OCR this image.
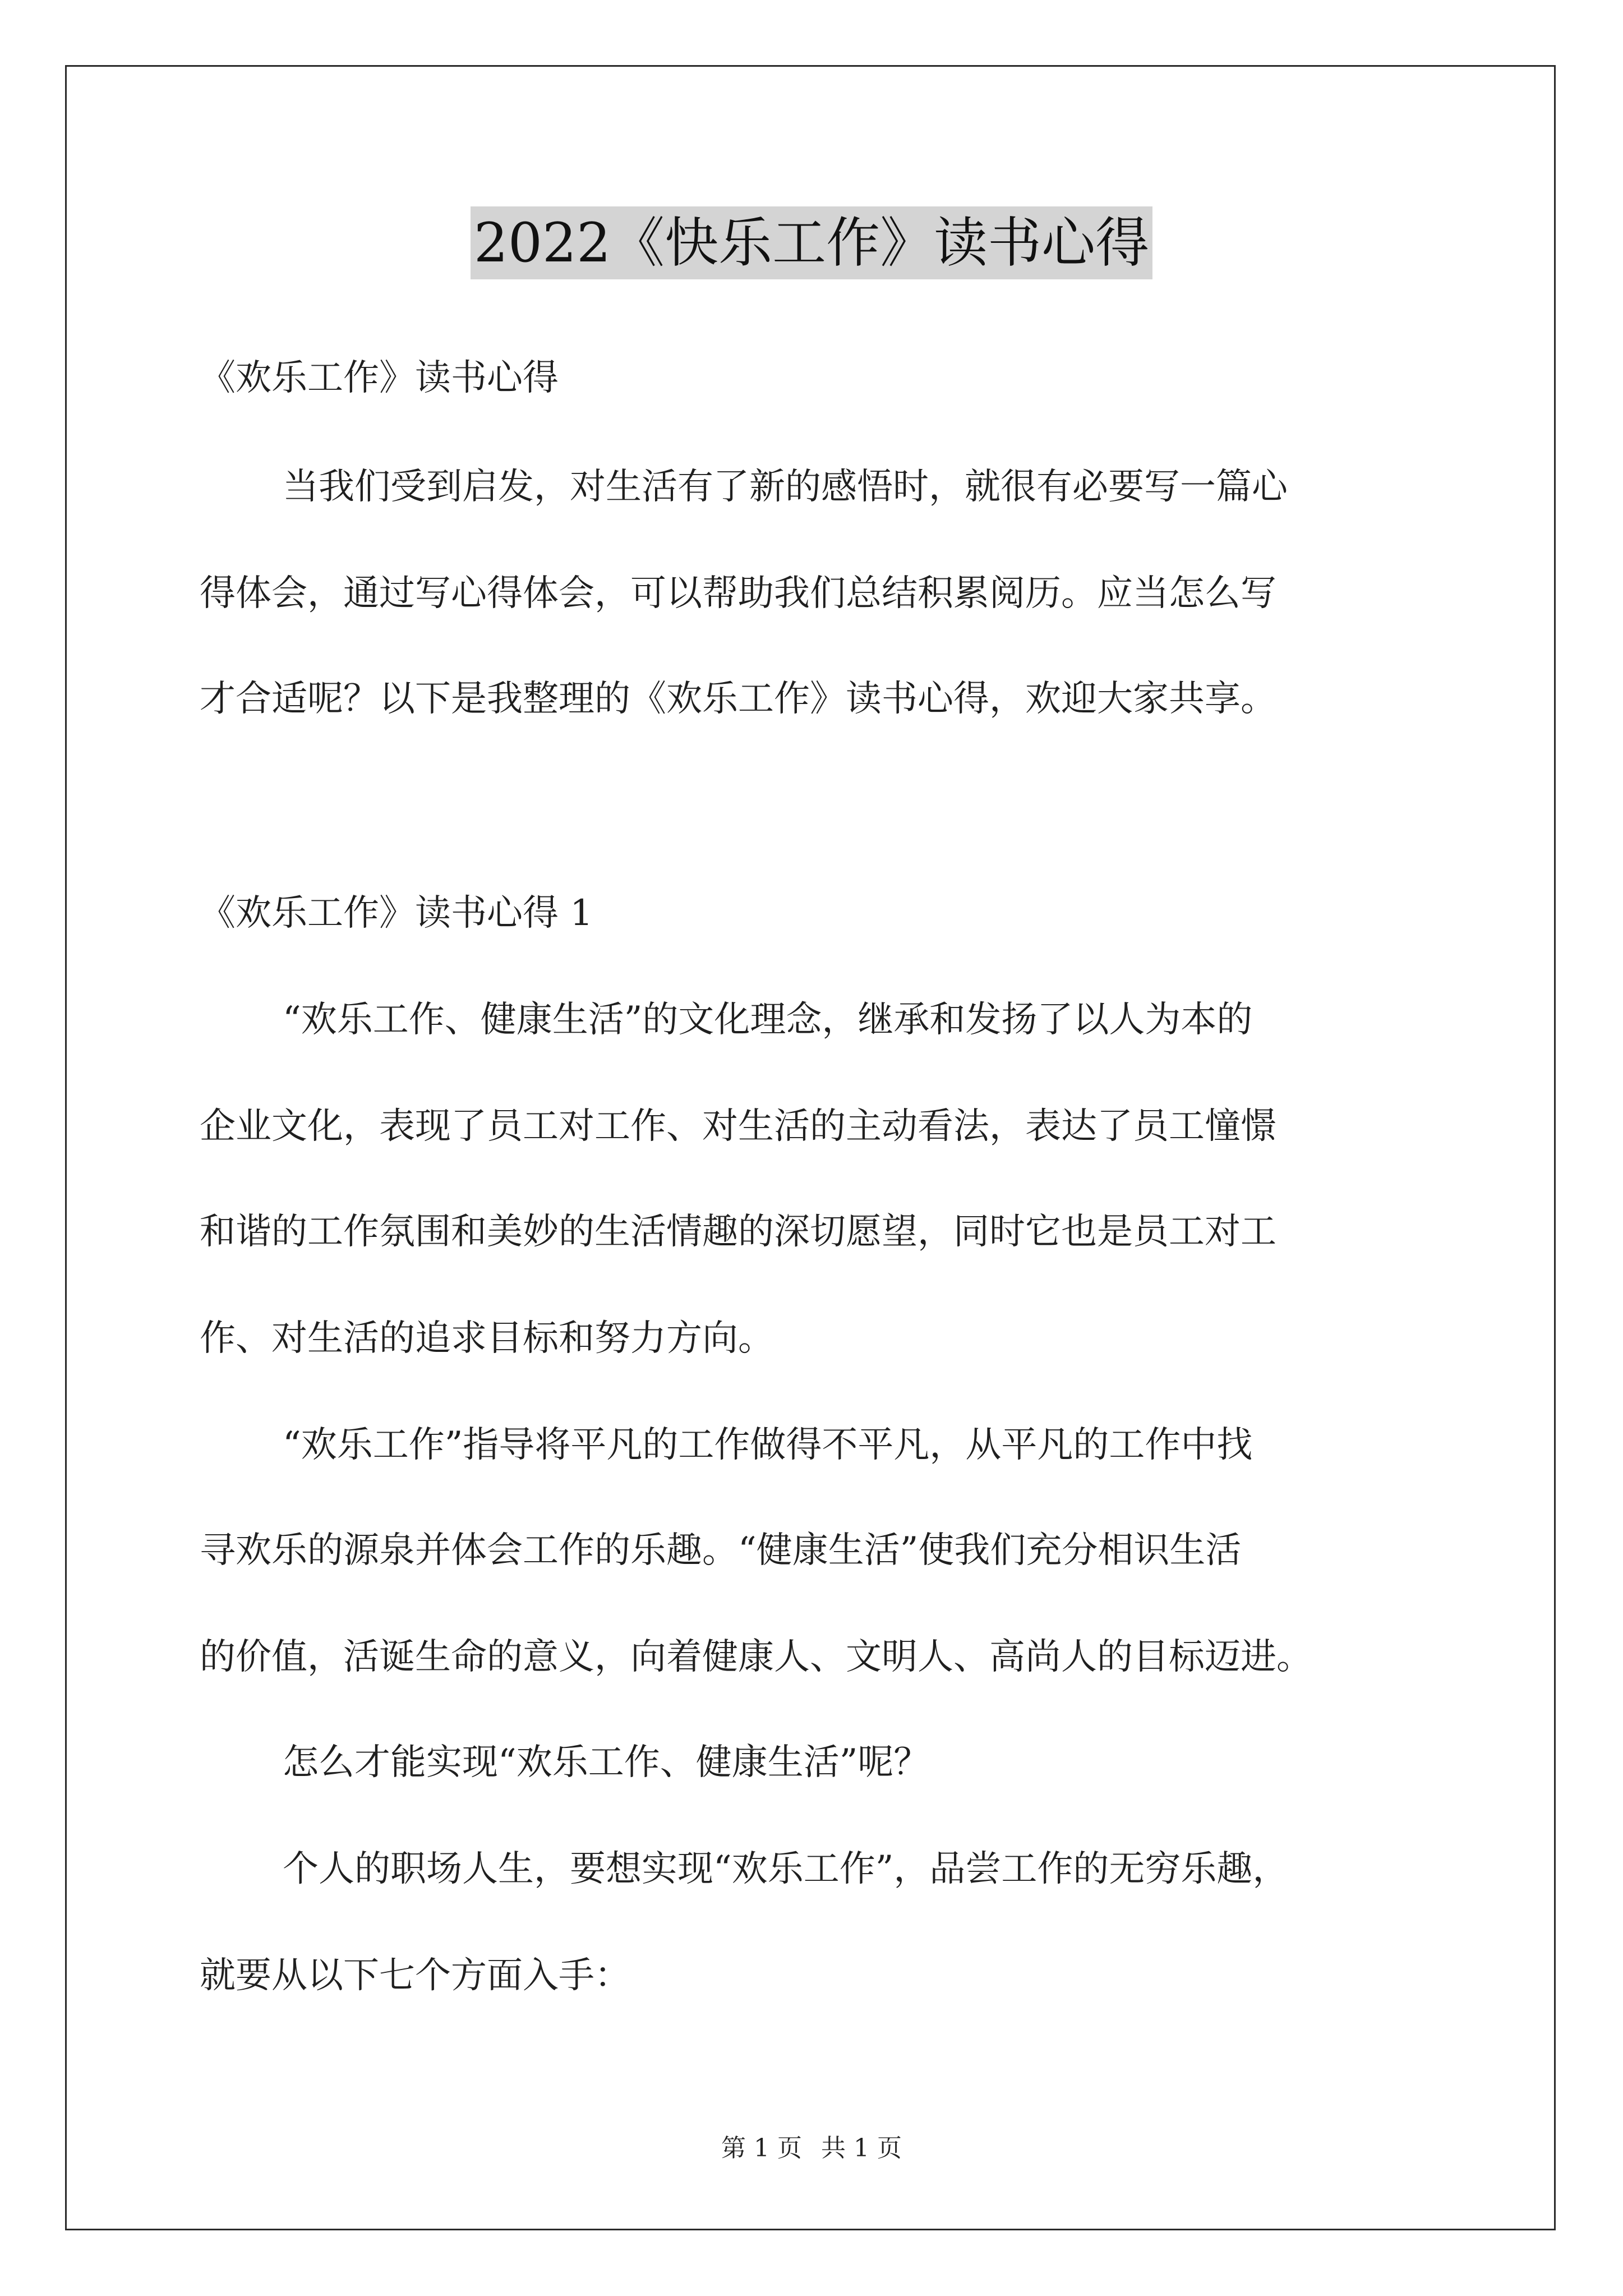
2022《快乐工作》读书心得
《欢乐工作》读书心得
当我们受到启发，对生活有了新的感悟时，就很有必要写一篇心
得体会，通过写心得体会，可以帮助我们总结积累阅历。应当怎么写
才合适呢？以下是我整理的《欢乐工作》读书心得，欢迎大家共享。
《欢乐工作》读书心得 1
“欢乐工作、健康生活”的文化理念，继承和发扬了以人为本的
企业文化，表现了员工对工作、对生活的主动看法，表达了员工憧憬
和谐的工作氛围和美妙的生活情趣的深切愿望，同时它也是员工对工
作、对生活的追求目标和努力方向。
“欢乐工作”指导将平凡的工作做得不平凡，从平凡的工作中找
寻欢乐的源泉并体会工作的乐趣。“健康生活”使我们充分相识生活
的价值，活诞生命的意义，向着健康人、文明人、高尚人的目标迈进。
怎么才能实现“欢乐工作、健康生活”呢？
个人的职场人生，要想实现“欢乐工作”，品尝工作的无穷乐趣，
就要从以下七个方面入手：
第 1 页 共 1 页
